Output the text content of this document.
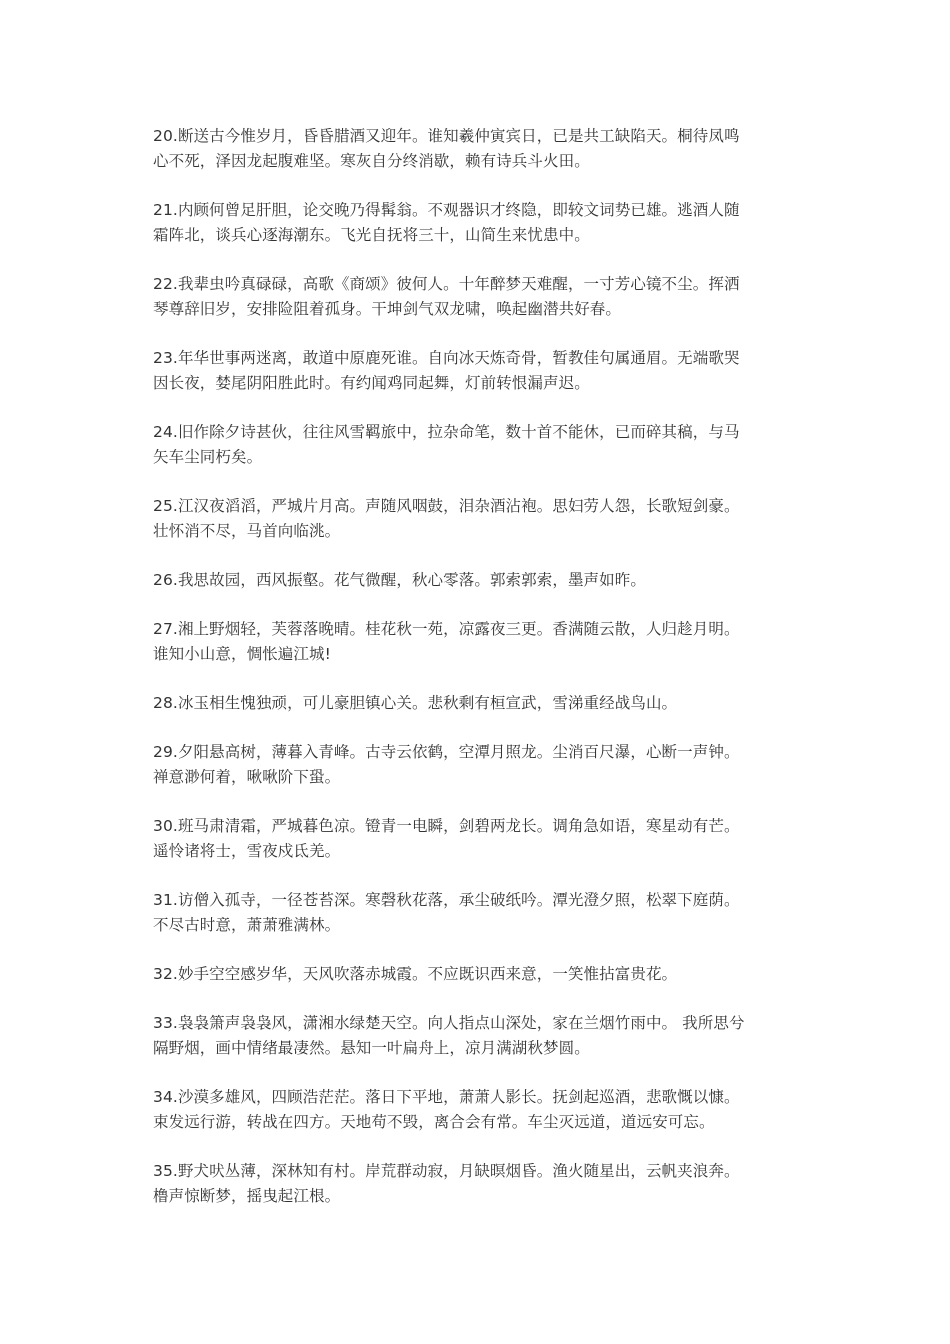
20.断送古今惟岁月，昏昏腊酒又迎年。谁知羲仲寅宾日，已是共工缺陷天。桐待凤鸣
心不死，泽因龙起腹难坚。寒灰自分终消歇，赖有诗兵斗火田。
21.内顾何曾足肝胆，论交晚乃得髯翁。不观器识才终隐，即较文词势已雄。逃酒人随
霜阵北，谈兵心逐海潮东。飞光自抚将三十，山简生来忧患中。
22.我辈虫吟真碌碌，高歌《商颂》彼何人。十年醉梦天难醒，一寸芳心镜不尘。挥洒
琴尊辞旧岁，安排险阻着孤身。干坤剑气双龙啸，唤起幽潜共好春。
23.年华世事两迷离，敢道中原鹿死谁。自向冰天炼奇骨，暂教佳句属通眉。无端歌哭
因长夜，婪尾阴阳胜此时。有约闻鸡同起舞，灯前转恨漏声迟。
24.旧作除夕诗甚伙，往往风雪羁旅中，拉杂命笔，数十首不能休，已而碎其稿，与马
矢车尘同朽矣。
25.江汉夜滔滔，严城片月高。声随风咽鼓，泪杂酒沾袍。思妇劳人怨，长歌短剑豪。
壮怀消不尽，马首向临洮。
26.我思故园，西风振壑。花气微醒，秋心零落。郭索郭索，墨声如昨。
27.湘上野烟轻，芙蓉落晚晴。桂花秋一苑，凉露夜三更。香满随云散，人归趁月明。
谁知小山意，惆怅遍江城!
28.冰玉相生愧独顽，可儿豪胆镇心关。悲秋剩有桓宣武，雪涕重经战鸟山。
29.夕阳悬高树，薄暮入青峰。古寺云依鹤，空潭月照龙。尘消百尺瀑，心断一声钟。
禅意渺何着，啾啾阶下蛩。
30.班马肃清霜，严城暮色凉。镫青一电瞬，剑碧两龙长。调角急如语，寒星动有芒。
遥怜诸将士，雪夜戍氐羌。
31.访僧入孤寺，一径苍苔深。寒磬秋花落，承尘破纸吟。潭光澄夕照，松翠下庭荫。
不尽古时意，萧萧雅满林。
32.妙手空空感岁华，天风吹落赤城霞。不应既识西来意，一笑惟拈富贵花。
33.袅袅箫声袅袅风，潇湘水绿楚天空。向人指点山深处，家在兰烟竹雨中。 我所思兮
隔野烟，画中情绪最凄然。悬知一叶扁舟上，凉月满湖秋梦圆。
34.沙漠多雄风，四顾浩茫茫。落日下平地，萧萧人影长。抚剑起巡酒，悲歌慨以慷。
束发远行游，转战在四方。天地苟不毁，离合会有常。车尘灭远道，道远安可忘。
35.野犬吠丛薄，深林知有村。岸荒群动寂，月缺暝烟昏。渔火随星出，云帆夹浪奔。
橹声惊断梦，摇曳起江根。
